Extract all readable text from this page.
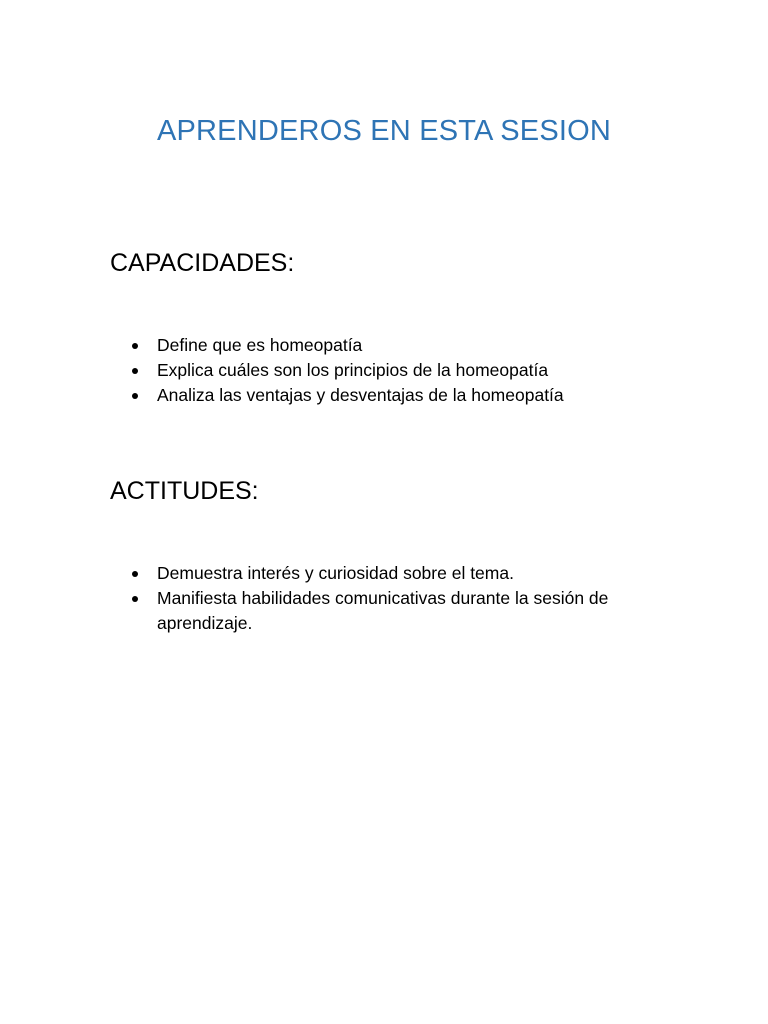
APRENDEROS EN ESTA SESION
CAPACIDADES:
Define que es homeopatía
Explica cuáles son los principios de la homeopatía
Analiza las ventajas y desventajas de la homeopatía
ACTITUDES:
Demuestra interés y curiosidad sobre el tema.
Manifiesta habilidades comunicativas durante la sesión de aprendizaje.
